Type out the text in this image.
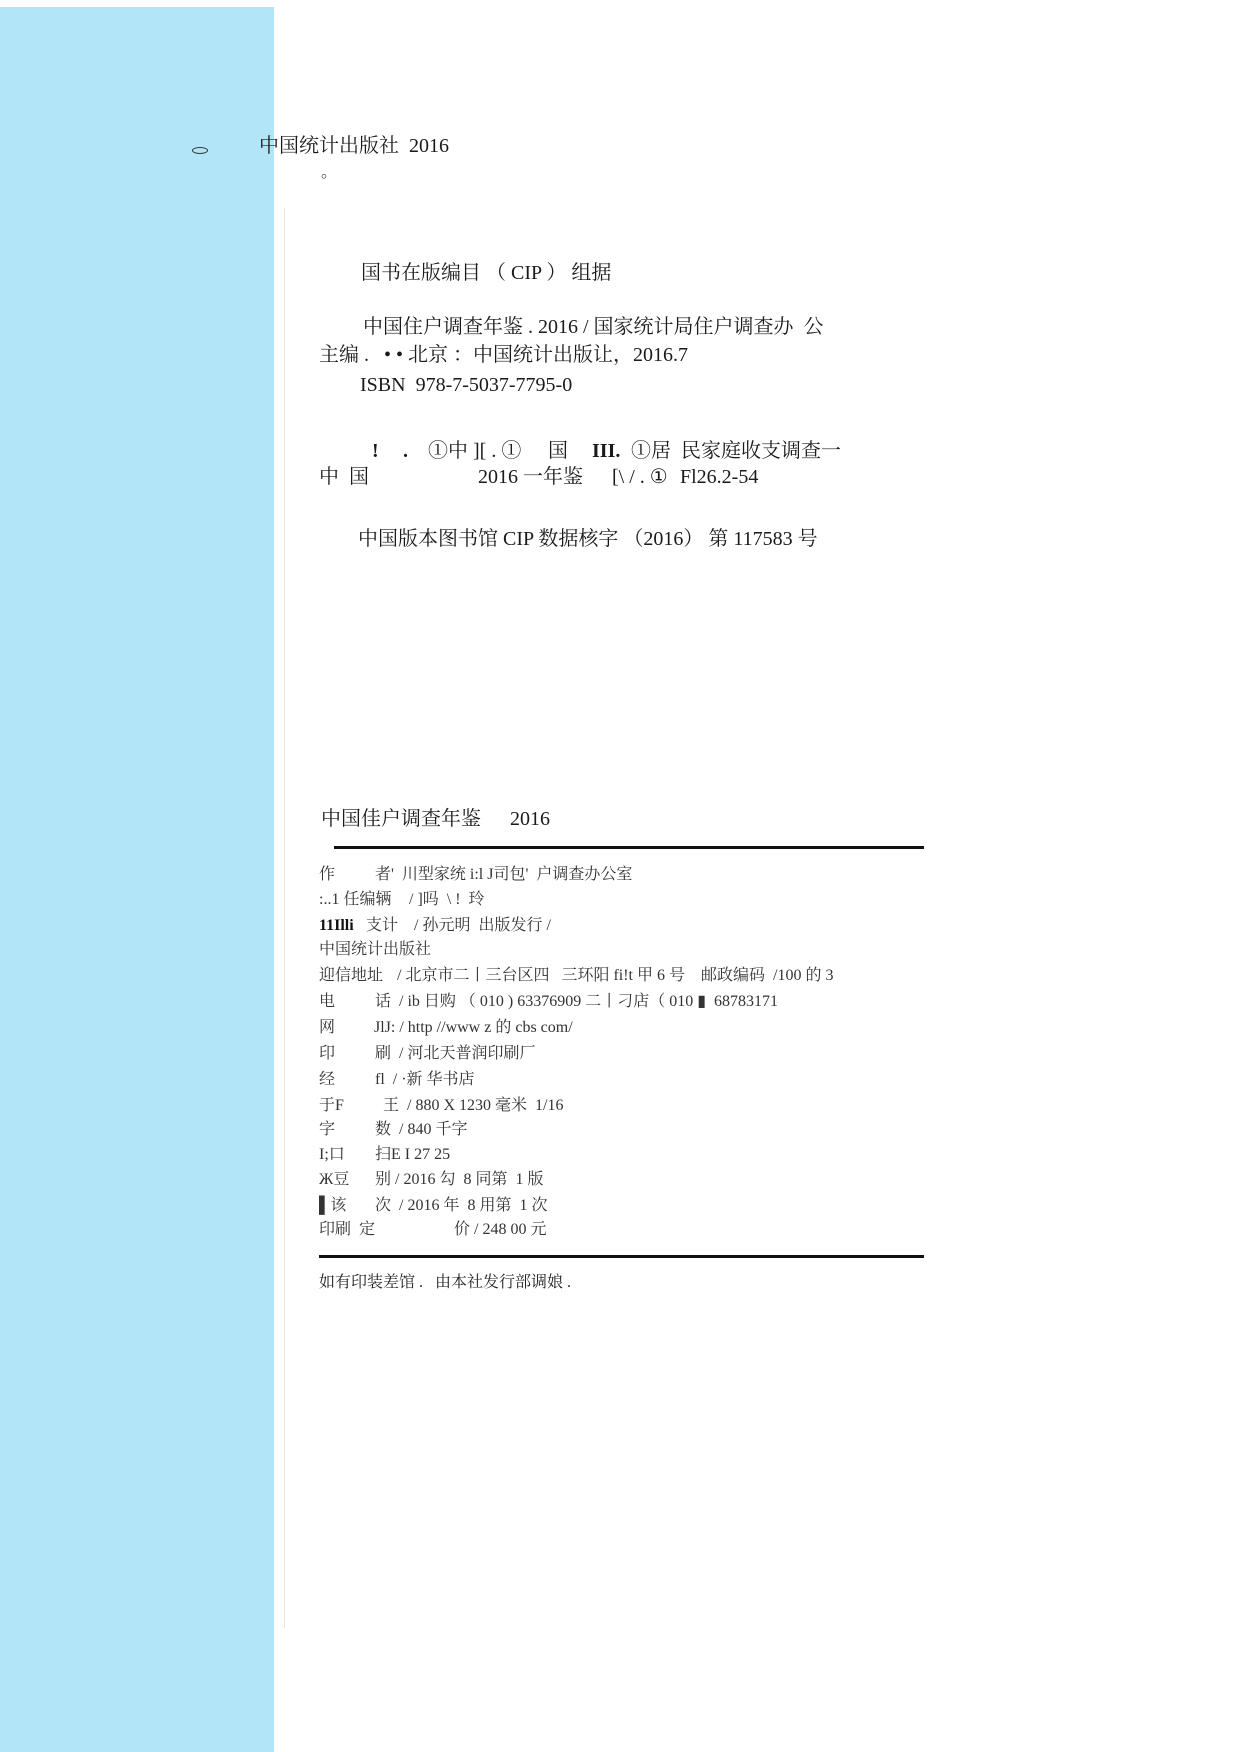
中国统计出版社  2016
。
国书在版编目 （ CIP ） 组据
中国住户调查年鉴 . 2016 / 国家统计局住户调查办  公
主编 .   • • 北京 ：中国统计出版让，2016.7
ISBN  978-7-5037-7795-0
! . ①中 ][ . ① 国 III. ①居  民家庭收支调查一
中  国	2016 一年鉴 [\ / . ① Fl26.2-54
中国版本图书馆 CIP 数据核字 （2016） 第 117583 号
中国佳户调查年鉴 2016
作 者'  川型家统 i:l J司包'  户调查办公室
:..1 任编辆 / ]吗  \ !  玲
11Illi 支计 / 孙元明  出版发行 /
中国统计出版社
迎信地址 / 北京市二丨三台区四   三环阳 fi!t 甲 6 号    邮政编码  /100 的 3
电 话  / ib 日购 （ 010 ) 63376909 二丨刁店（ 010 ▮  68783171
网 JlJ: / http //www z 的 cbs com/
印 刷  / 河北天普润印刷厂
经 fl  / ·新 华书店
于F 王  / 880 X 1230 毫米  1/16
字 数  / 840 千字
I;口 扫E I 27 25
Ж豆 别 / 2016 勾  8 同第  1 版
▌该 次  / 2016 年  8 用第  1 次
印刷  定	价 / 248 00 元
如有印装差馆 .   由本社发行部调娘 .
